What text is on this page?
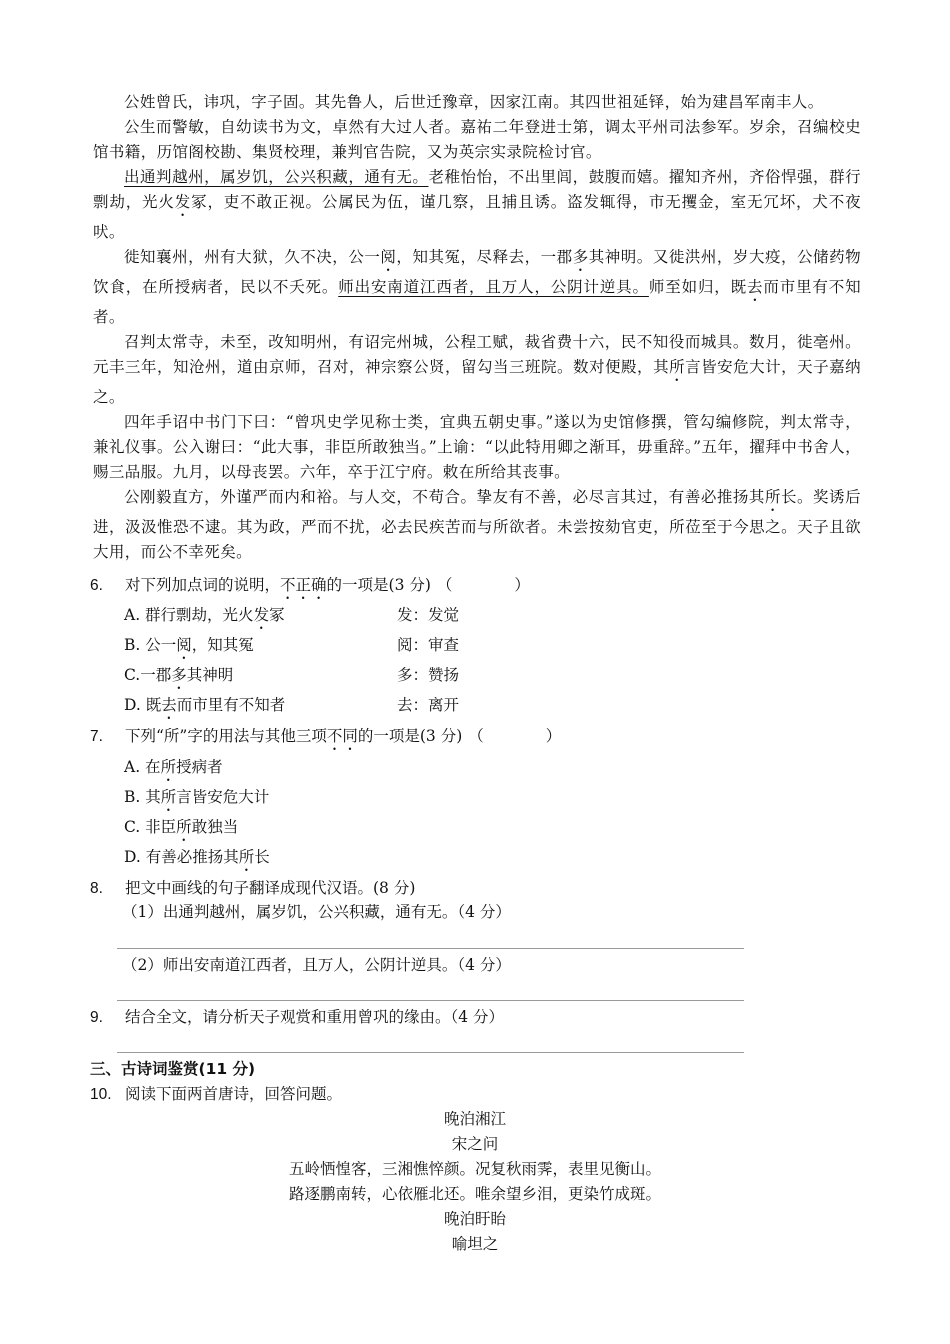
公姓曾氏，讳巩，字子固。其先鲁人，后世迁豫章，因家江南。其四世祖延铎，始为建昌军南丰人。

公生而警敏，自幼读书为文，卓然有大过人者。嘉祐二年登进士第，调太平州司法参军。岁余，召编校史馆书籍，历馆阁校勘、集贤校理，兼判官告院，又为英宗实录院检讨官。

出通判越州，属岁饥，公兴积藏，通有无。老稚怡怡，不出里闾，鼓腹而嬉。擢知齐州，齐俗悍强，群行剽劫，光火发冢，吏不敢正视。公属民为伍，谨几察，且捕且诱。盗发辄得，市无攫金，室无冗坏，犬不夜吠。

徙知襄州，州有大狱，久不决，公一阅，知其冤，尽释去，一郡多其神明。又徙洪州，岁大疫，公储药物饮食，在所授病者，民以不夭死。师出安南道江西者，且万人，公阴计逆具。师至如归，既去而市里有不知者。

召判太常寺，未至，改知明州，有诏完州城，公程工赋，裁省费十六，民不知役而城具。数月，徙亳州。元丰三年，知沧州，道由京师，召对，神宗察公贤，留勾当三班院。数对便殿，其所言皆安危大计，天子嘉纳之。

四年手诏中书门下曰：“曾巩史学见称士类，宜典五朝史事。”遂以为史馆修撰，管勾编修院，判太常寺，兼礼仪事。公入谢曰：“此大事，非臣所敢独当。”上谕：“以此特用卿之渐耳，毋重辞。”五年，擢拜中书舍人，赐三品服。九月，以母丧罢。六年，卒于江宁府。敕在所给其丧事。

公刚毅直方，外谨严而内和裕。与人交，不苟合。挚友有不善，必尽言其过，有善必推扬其所长。奖诱后进，汲汲惟恐不逮。其为政，严而不扰，必去民疾苦而与所欲者。未尝按劾官吏，所莅至于今思之。天子且欲大用，而公不幸死矣。

6. 对下列加点词的说明，不正确的一项是(3 分) （　　　　）
A. 群行剽劫，光火发冢	发：发觉
B. 公一阅，知其冤	阅：审查
C.一郡多其神明	多：赞扬
D. 既去而市里有不知者	去：离开
7. 下列“所”字的用法与其他三项不同的一项是(3 分) （　　　　）
A. 在所授病者
B. 其所言皆安危大计
C. 非臣所敢独当
D. 有善必推扬其所长
8. 把文中画线的句子翻译成现代汉语。(8 分)
（1）出通判越州，属岁饥，公兴积藏，通有无。（4 分）
（2）师出安南道江西者，且万人，公阴计逆具。（4 分）
9. 结合全文，请分析天子观赏和重用曾巩的缘由。（4 分）
三、古诗词鉴赏(11 分)
10. 阅读下面两首唐诗，回答问题。
晚泊湘江
宋之问
五岭恓惶客，三湘憔悴颜。况复秋雨霁，表里见衡山。
路逐鹏南转，心依雁北还。唯余望乡泪，更染竹成斑。
晚泊盱眙
喻坦之
